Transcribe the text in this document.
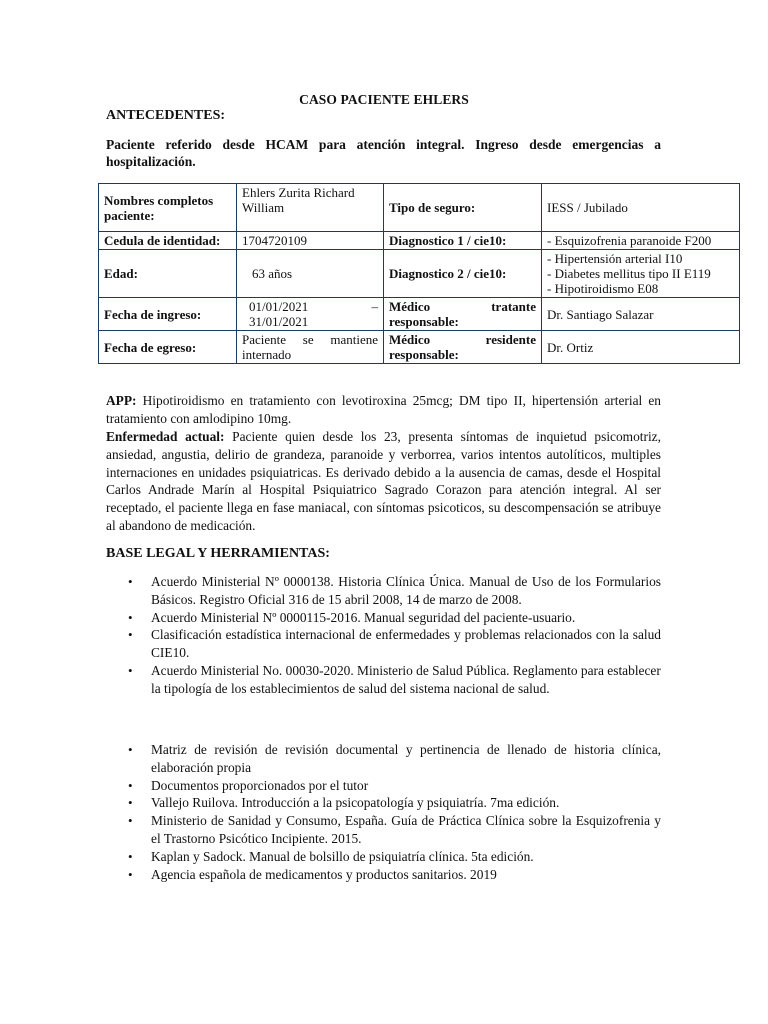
CASO PACIENTE EHLERS
ANTECEDENTES:
Paciente referido desde HCAM para atención integral. Ingreso desde emergencias a hospitalización.
Nombres completos paciente:	Ehlers Zurita Richard William	Tipo de seguro:	IESS / Jubilado
Cedula de identidad:	1704720109	Diagnostico 1 / cie10:	- Esquizofrenia paranoide F200
Edad:	63 años	Diagnostico 2 / cie10:	- Hipertensión arterial I10
- Diabetes mellitus tipo II E119
- Hipotiroidismo E08

Fecha de ingreso:	01/01/2021 – 31/01/2021	Médico tratante responsable:	Dr. Santiago Salazar
Fecha de egreso:	Paciente se mantiene internado	Médico residente responsable:	Dr. Ortiz
APP: Hipotiroidismo en tratamiento con levotiroxina 25mcg; DM tipo II, hipertensión arterial en tratamiento con amlodipino 10mg.
Enfermedad actual: Paciente quien desde los 23, presenta síntomas de inquietud psicomotriz, ansiedad, angustia, delirio de grandeza, paranoide y verborrea, varios intentos autolíticos, multiples internaciones en unidades psiquiatricas. Es derivado debido a la ausencia de camas, desde el Hospital Carlos Andrade Marín al Hospital Psiquiatrico Sagrado Corazon para atención integral. Al ser receptado, el paciente llega en fase maniacal, con síntomas psicoticos, su descompensación se atribuye al abandono de medicación.
BASE LEGAL Y HERRAMIENTAS:
• Acuerdo Ministerial Nº 0000138. Historia Clínica Única. Manual de Uso de los Formularios Básicos. Registro Oficial 316 de 15 abril 2008, 14 de marzo de 2008.
• Acuerdo Ministerial Nº 0000115-2016. Manual seguridad del paciente-usuario.
• Clasificación estadística internacional de enfermedades y problemas relacionados con la salud CIE10.
• Acuerdo Ministerial No. 00030-2020. Ministerio de Salud Pública. Reglamento para establecer la tipología de los establecimientos de salud del sistema nacional de salud.
• Matriz de revisión de revisión documental y pertinencia de llenado de historia clínica, elaboración propia
• Documentos proporcionados por el tutor
• Vallejo Ruilova. Introducción a la psicopatología y psiquiatría. 7ma edición.
• Ministerio de Sanidad y Consumo, España. Guía de Práctica Clínica sobre la Esquizofrenia y el Trastorno Psicótico Incipiente. 2015.
• Kaplan y Sadock. Manual de bolsillo de psiquiatría clínica. 5ta edición.
• Agencia española de medicamentos y productos sanitarios. 2019
